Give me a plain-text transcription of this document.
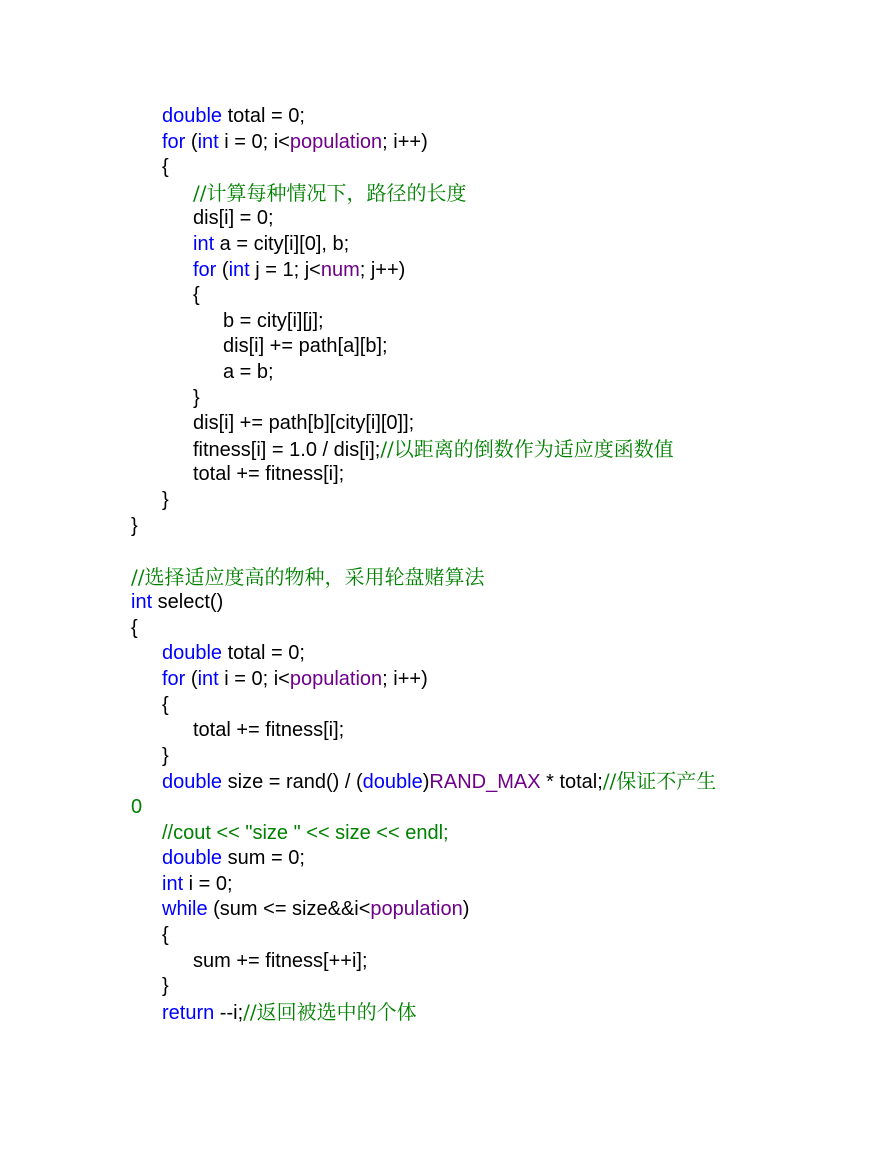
double total = 0;
for (int i = 0; i<population; i++)
{
//计算每种情况下，路径的长度
dis[i] = 0;
int a = city[i][0], b;
for (int j = 1; j<num; j++)
{
b = city[i][j];
dis[i] += path[a][b];
a = b;
}
dis[i] += path[b][city[i][0]];
fitness[i] = 1.0 / dis[i];//以距离的倒数作为适应度函数值
total += fitness[i];
}
}
//选择适应度高的物种，采用轮盘赌算法
int select()
{
double total = 0;
for (int i = 0; i<population; i++)
{
total += fitness[i];
}
double size = rand() / (double)RAND_MAX * total;//保证不产生
0
//cout << "size " << size << endl;
double sum = 0;
int i = 0;
while (sum <= size&&i<population)
{
sum += fitness[++i];
}
return --i;//返回被选中的个体
